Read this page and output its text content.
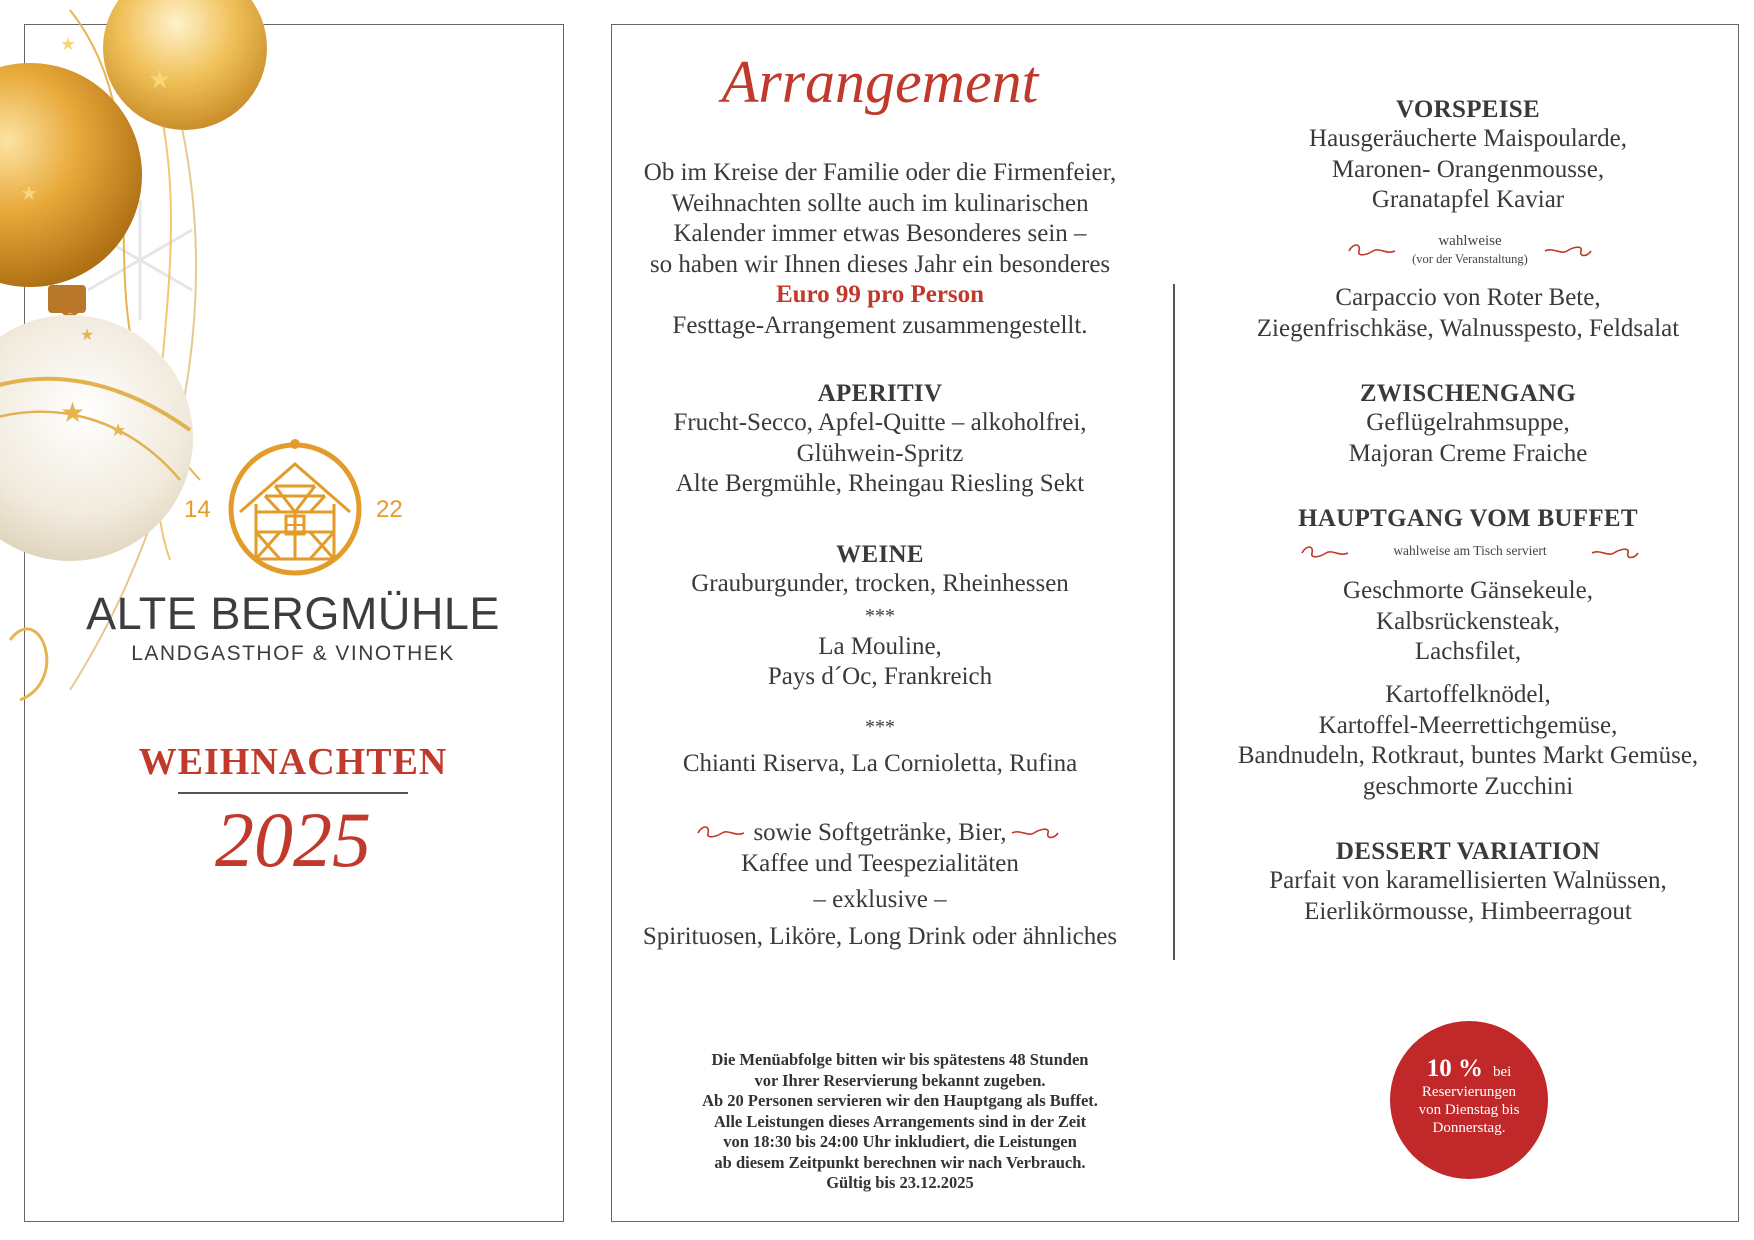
★
★
★
★
★
★
14	22
ALTE BERGMÜHLE
LANDGASTHOF & VINOTHEK
WEIHNACHTEN
2025
Arrangement
Ob im Kreise der Familie oder die Firmenfeier,
Weihnachten sollte auch im kulinarischen
Kalender immer etwas Besonderes sein –
so haben wir Ihnen dieses Jahr ein besonderes
Euro 99 pro Person
Festtage-Arrangement zusammengestellt.
APERITIV
Frucht-Secco, Apfel-Quitte – alkoholfrei,
Glühwein-Spritz
Alte Bergmühle, Rheingau Riesling Sekt
WEINE
Grauburgunder, trocken, Rheinhessen
***
La Mouline,
Pays d´Oc, Frankreich
***
Chianti Riserva, La Cornioletta, Rufina
sowie Softgetränke, Bier,
Kaffee und Teespezialitäten
– exklusive –
Spirituosen, Liköre, Long Drink oder ähnliches
Die Menüabfolge bitten wir bis spätestens 48 Stunden
vor Ihrer Reservierung bekannt zugeben.
Ab 20 Personen servieren wir den Hauptgang als Buffet.
Alle Leistungen dieses Arrangements sind in der Zeit
von 18:30 bis 24:00 Uhr inkludiert, die Leistungen
ab diesem Zeitpunkt berechnen wir nach Verbrauch.
Gültig bis 23.12.2025
VORSPEISE
Hausgeräucherte Maispoularde,
Maronen- Orangenmousse,
Granatapfel Kaviar
wahlweise
(vor der Veranstaltung)
Carpaccio von Roter Bete,
Ziegenfrischkäse, Walnusspesto, Feldsalat
ZWISCHENGANG
Geflügelrahmsuppe,
Majoran Creme Fraiche
HAUPTGANG VOM BUFFET
wahlweise am Tisch serviert
Geschmorte Gänsekeule,
Kalbsrückensteak,
Lachsfilet,
Kartoffelknödel,
Kartoffel-Meerrettichgemüse,
Bandnudeln, Rotkraut, buntes Markt Gemüse,
geschmorte Zucchini
DESSERT VARIATION
Parfait von karamellisierten Walnüssen,
Eierlikörmousse, Himbeerragout
10 % bei
Reservierungen
von Dienstag bis
Donnerstag.
